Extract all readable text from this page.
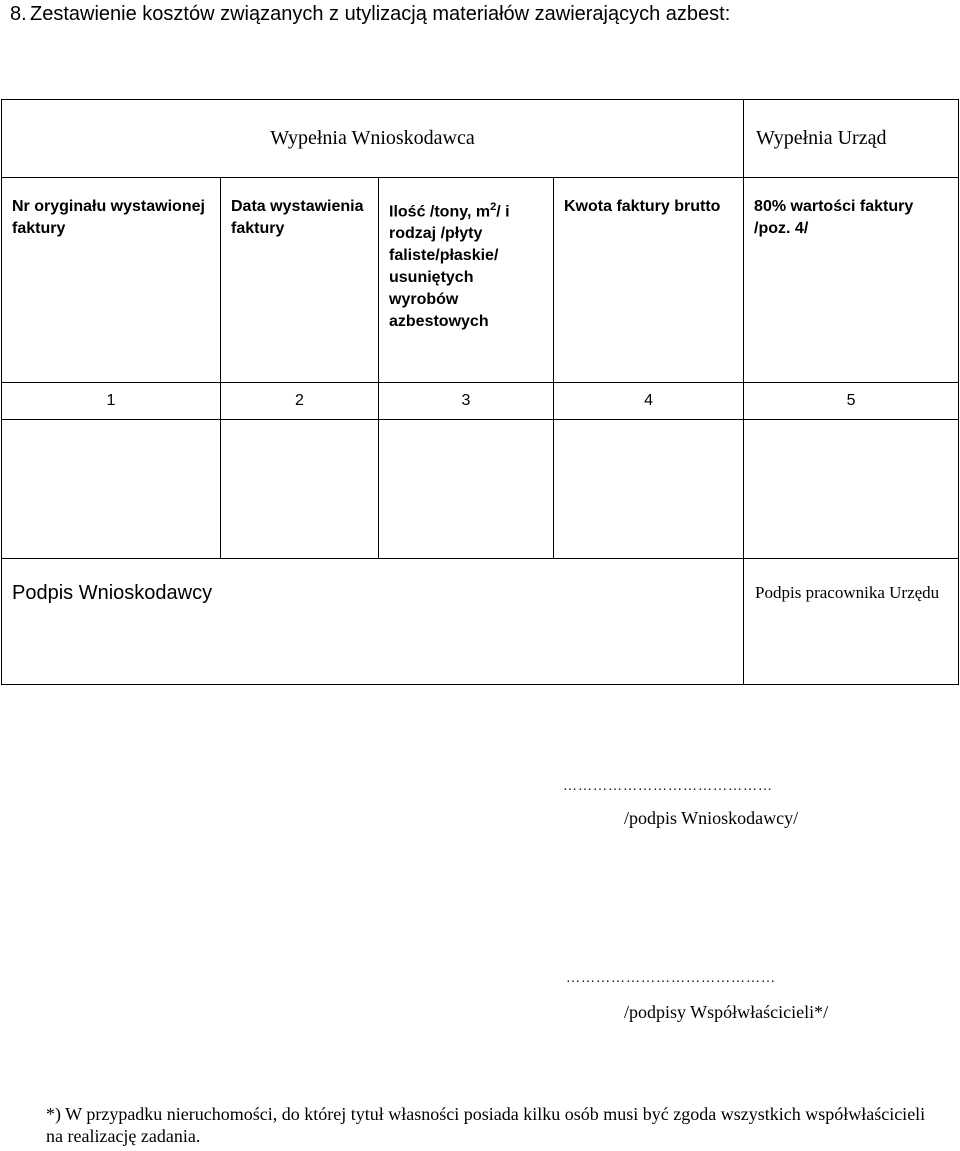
8. Zestawienie kosztów związanych z utylizacją materiałów zawierających azbest:
Wypełnia Wnioskodawca				Wypełnia Urząd
Nr oryginału wystawionej faktury	Data wystawienia faktury	Ilość /tony, $m^2/$ i rodzaj /płyty faliste/płaskie/ usuniętych wyrobów azbestowych	Kwota faktury brutto	80% wartości faktury /poz. 4/
1	2	3	4	5

Podpis Wnioskodawcy				Podpis pracownika Urzędu
……………………………………
/podpis Wnioskodawcy/
……………………………………
/podpisy Współwłaścicieli*/
*) W przypadku nieruchomości, do której tytuł własności posiada kilku osób musi być zgoda wszystkich współwłaścicieli na realizację zadania.
